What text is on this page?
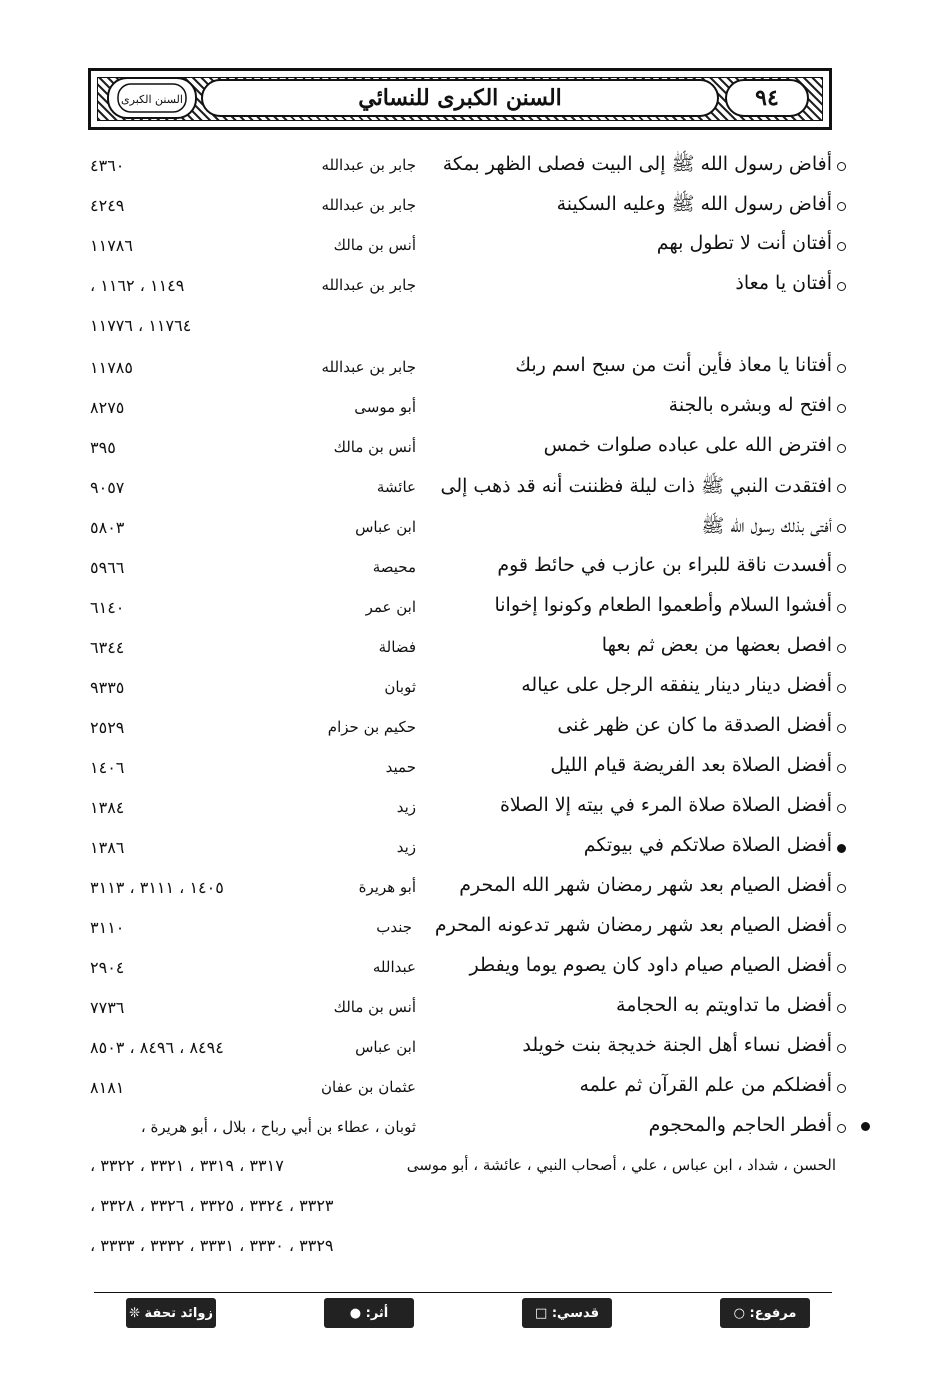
السنن الكبرى	السنن الكبرى للنسائي	٩٤
أفاض رسول الله ﷺ إلى البيت فصلى الظهر بمكة
جابر بن عبدالله
٤٣٦٠
أفاض رسول الله ﷺ وعليه السكينة
جابر بن عبدالله
٤٢٤٩
أفتان أنت لا تطول بهم
أنس بن مالك
١١٧٨٦
أفتان يا معاذ
جابر بن عبدالله
١١٤٩ ، ١١٦٢ ،
١١٧٦٤ ، ١١٧٧٦
أفتانا يا معاذ فأين أنت من سبح اسم ربك
جابر بن عبدالله
١١٧٨٥
افتح له وبشره بالجنة
أبو موسى
٨٢٧٥
افترض الله على عباده صلوات خمس
أنس بن مالك
٣٩٥
افتقدت النبي ﷺ ذات ليلة فظننت أنه قد ذهب إلى
عائشة
٩٠٥٧
أفتى بذلك رسول الله ﷺ
ابن عباس
٥٨٠٣
أفسدت ناقة للبراء بن عازب في حائط قوم
محيصة
٥٩٦٦
أفشوا السلام وأطعموا الطعام وكونوا إخوانا
ابن عمر
٦١٤٠
افصل بعضها من بعض ثم بعها
فضالة
٦٣٤٤
أفضل دينار دينار ينفقه الرجل على عياله
ثوبان
٩٣٣٥
أفضل الصدقة ما كان عن ظهر غنى
حكيم بن حزام
٢٥٢٩
أفضل الصلاة بعد الفريضة قيام الليل
حميد
١٤٠٦
أفضل الصلاة صلاة المرء في بيته إلا الصلاة
زيد
١٣٨٤
أفضل الصلاة صلاتكم في بيوتكم
زيد
١٣٨٦
أفضل الصيام بعد شهر رمضان شهر الله المحرم
أبو هريرة
١٤٠٥ ، ٣١١١ ، ٣١١٣
أفضل الصيام بعد شهر رمضان شهر تدعونه المحرم
جندب
٣١١٠
أفضل الصيام صيام داود كان يصوم يوما ويفطر
عبدالله
٢٩٠٤
أفضل ما تداويتم به الحجامة
أنس بن مالك
٧٧٣٦
أفضل نساء أهل الجنة خديجة بنت خويلد
ابن عباس
٨٤٩٤ ، ٨٤٩٦ ، ٨٥٠٣
أفضلكم من علم القرآن ثم علمه
عثمان بن عفان
٨١٨١
أفطر الحاجم والمحجوم
ثوبان ، عطاء بن أبي رباح ، بلال ، أبو هريرة ،
الحسن ، شداد ، ابن عباس ، علي ، أصحاب النبي ، عائشة ، أبو موسى
٣٣١٧ ، ٣٣١٩ ، ٣٣٢١ ، ٣٣٢٢ ،
٣٣٢٣ ، ٣٣٢٤ ، ٣٣٢٥ ، ٣٣٢٦ ، ٣٣٢٨ ،
٣٣٢٩ ، ٣٣٣٠ ، ٣٣٣١ ، ٣٣٣٢ ، ٣٣٣٣ ،
مرفوع: ○
قدسي: □
أثر: ●
زوائد تحفة ❊
